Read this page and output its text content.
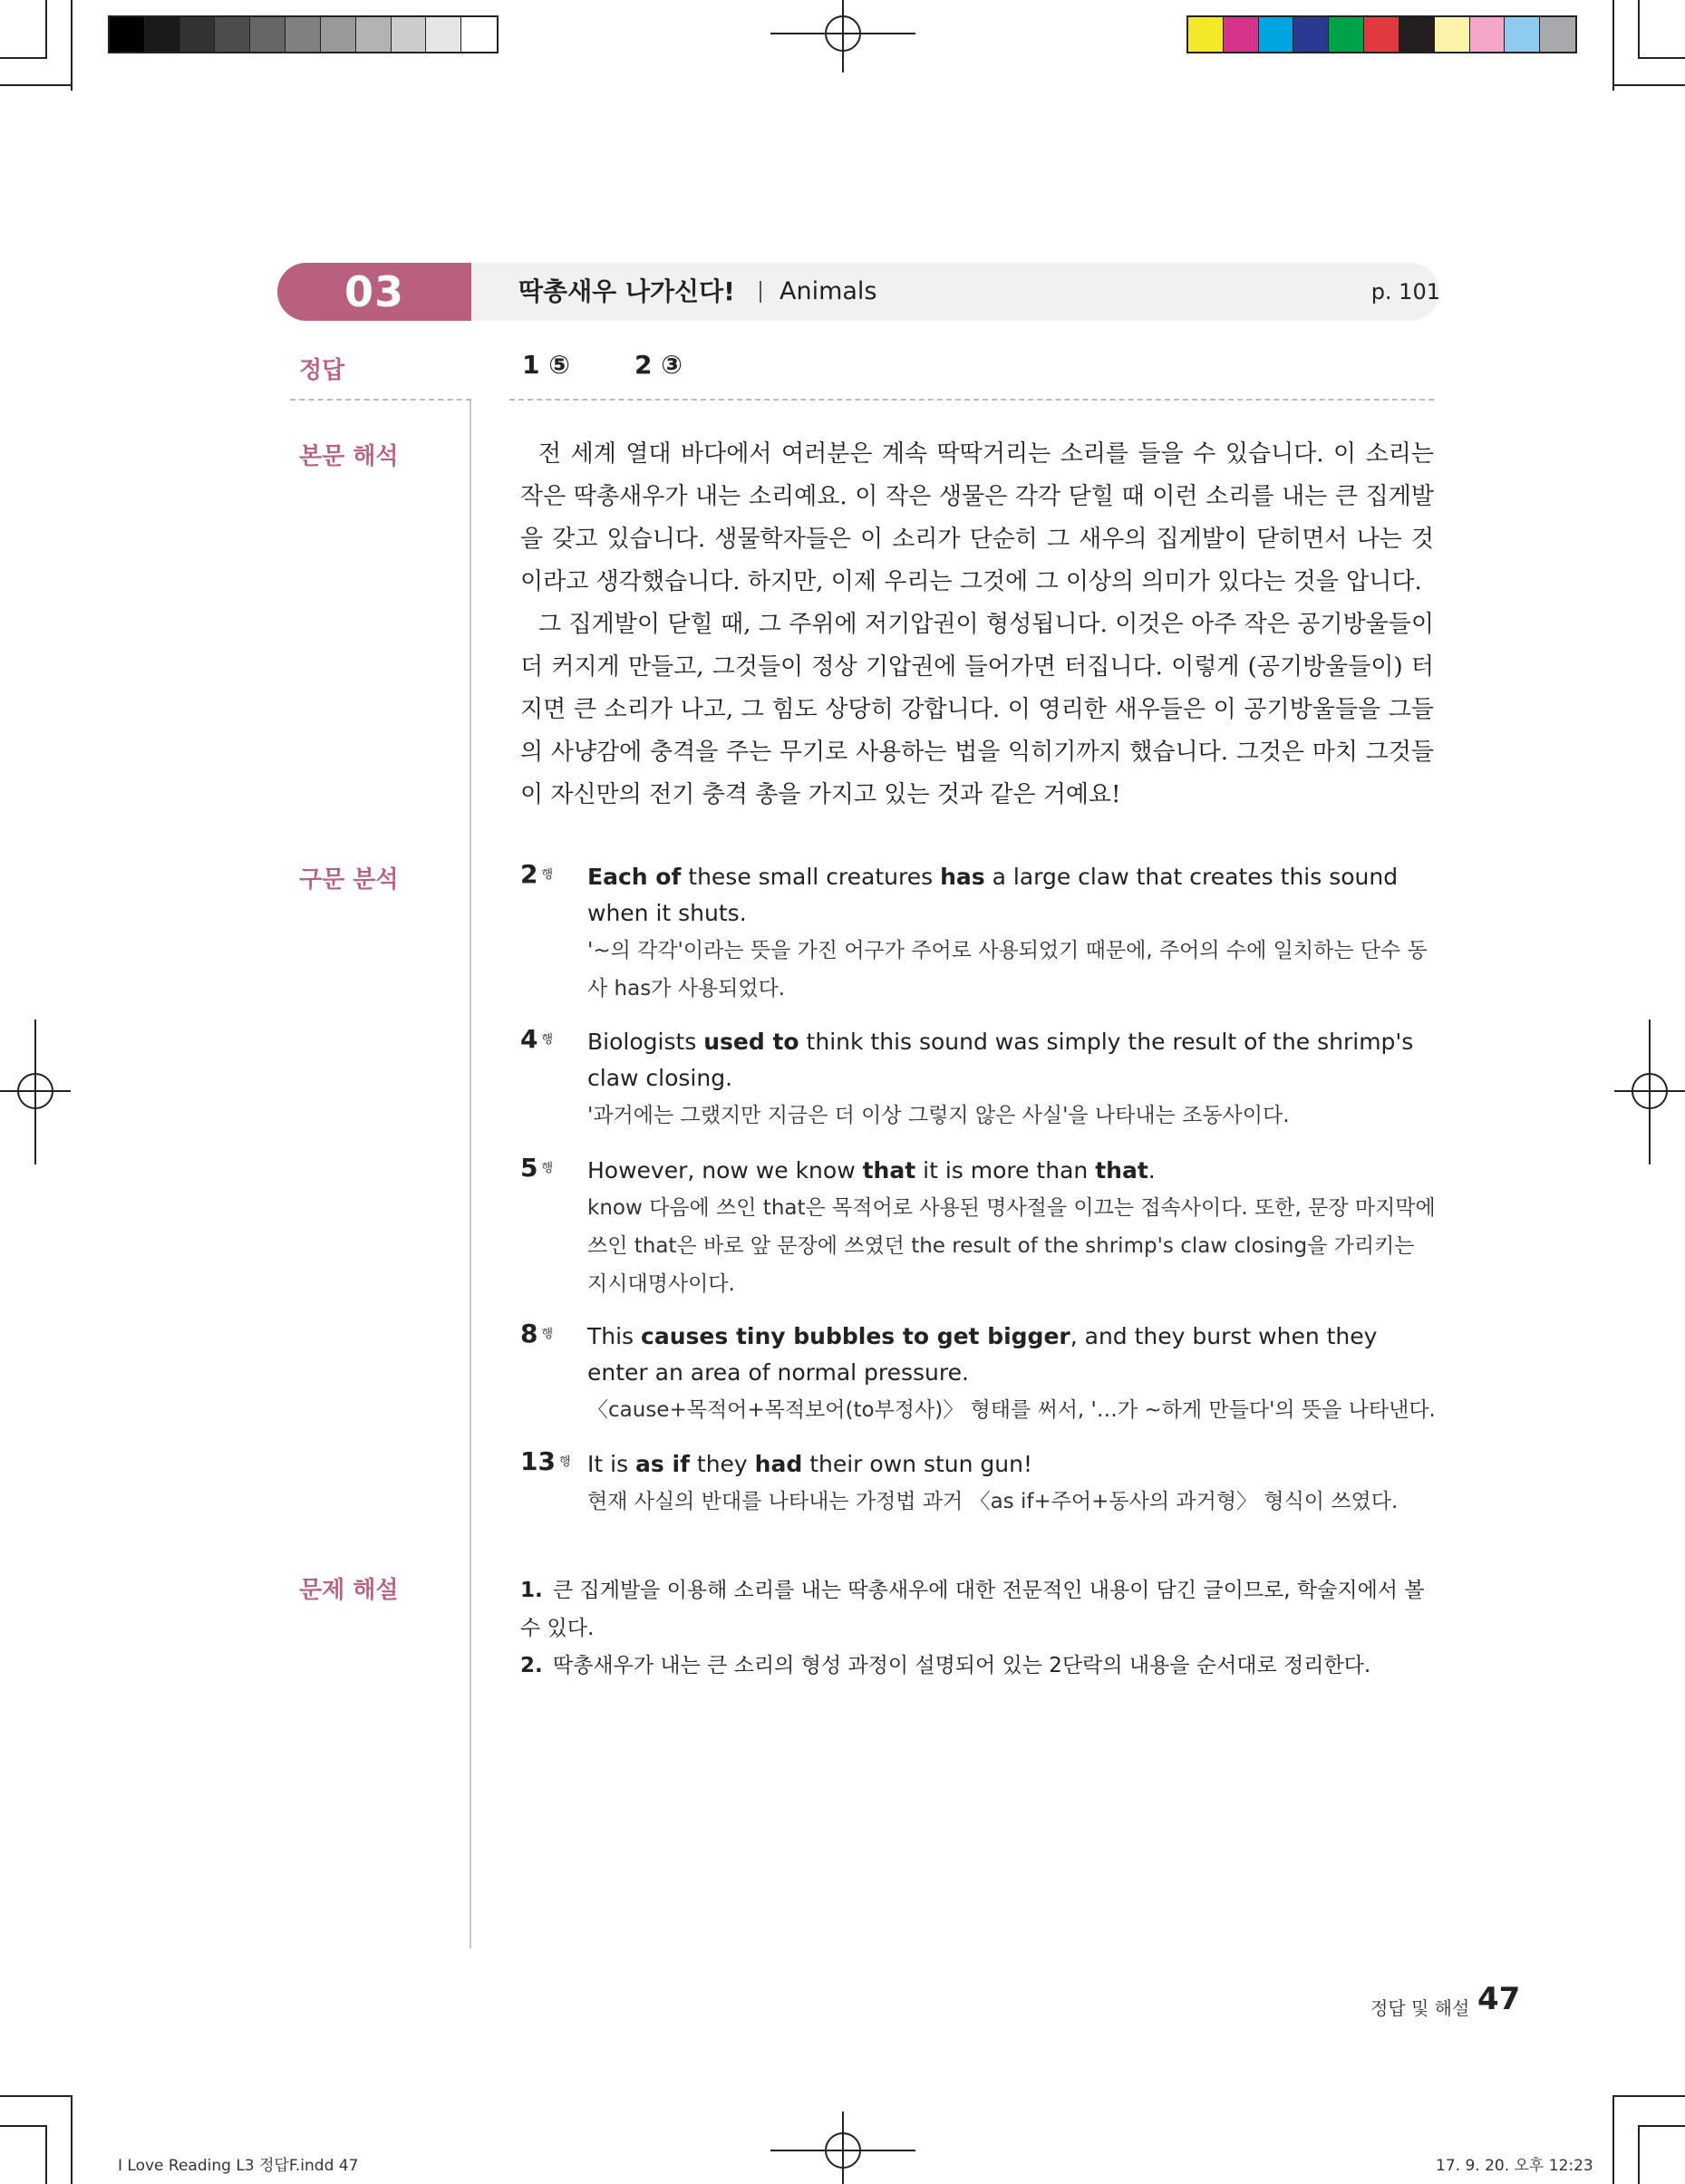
03	딱총새우 나가신다! Animals	p. 101
정답
본문 해석
구문 분석
문제 해설
1 ⑤	2 ③

전 세계 열대 바다에서 여러분은 계속 딱딱거리는 소리를 들을 수 있습니다. 이 소리는 작은 딱총새우가 내는 소리예요. 이 작은 생물은 각각 닫힐 때 이런 소리를 내는 큰 집게발을 갖고 있습니다. 생물학자들은 이 소리가 단순히 그 새우의 집게발이 닫히면서 나는 것이라고 생각했습니다. 하지만, 이제 우리는 그것에 그 이상의 의미가 있다는 것을 압니다.

그 집게발이 닫힐 때, 그 주위에 저기압권이 형성됩니다. 이것은 아주 작은 공기방울들이 더 커지게 만들고, 그것들이 정상 기압권에 들어가면 터집니다. 이렇게 (공기방울들이) 터지면 큰 소리가 나고, 그 힘도 상당히 강합니다. 이 영리한 새우들은 이 공기방울들을 그들의 사냥감에 충격을 주는 무기로 사용하는 법을 익히기까지 했습니다. 그것은 마치 그것들이 자신만의 전기 충격 총을 가지고 있는 것과 같은 거예요!

2 $^행$ Each of these small creatures has a large claw that creates this sound when it shuts.
'~의 각각'이라는 뜻을 가진 어구가 주어로 사용되었기 때문에, 주어의 수에 일치하는 단수 동사 has가 사용되었다.
4 $^행$ Biologists used to think this sound was simply the result of the shrimp's claw closing.
'과거에는 그랬지만 지금은 더 이상 그렇지 않은 사실'을 나타내는 조동사이다.
5 $^행$ However, now we know that it is more than that.
know 다음에 쓰인 that은 목적어로 사용된 명사절을 이끄는 접속사이다. 또한, 문장 마지막에 쓰인 that은 바로 앞 문장에 쓰였던 the result of the shrimp's claw closing을 가리키는 지시대명사이다.
8 $^행$ This causes tiny bubbles to get bigger, and they burst when they enter an area of normal pressure.
〈cause+목적어+목적보어(to부정사)〉 형태를 써서, '…가 ~하게 만들다'의 뜻을 나타낸다.
13 $^행$ It is as if they had their own stun gun!
현재 사실의 반대를 나타내는 가정법 과거 〈as if+주어+동사의 과거형〉 형식이 쓰였다.
1. 큰 집게발을 이용해 소리를 내는 딱총새우에 대한 전문적인 내용이 담긴 글이므로, 학술지에서 볼 수 있다.
2. 딱총새우가 내는 큰 소리의 형성 과정이 설명되어 있는 2단락의 내용을 순서대로 정리한다.
정답 및 해설 47
I Love Reading L3 정답F.indd 47	17. 9. 20. 오후 12:23
